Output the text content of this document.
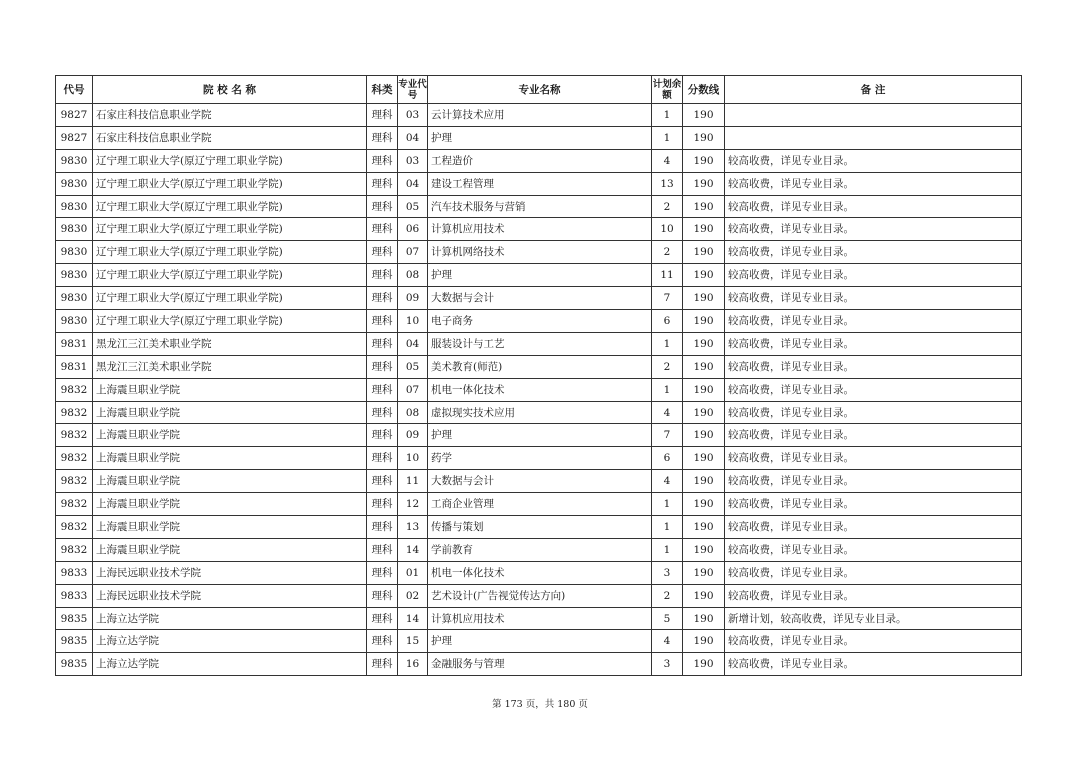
代号	院 校 名 称	科类	专业代号	专业名称	计划余额	分数线	备 注
9827	石家庄科技信息职业学院	理科	03	云计算技术应用	1	190	
9827	石家庄科技信息职业学院	理科	04	护理	1	190	
9830	辽宁理工职业大学(原辽宁理工职业学院)	理科	03	工程造价	4	190	较高收费，详见专业目录。
9830	辽宁理工职业大学(原辽宁理工职业学院)	理科	04	建设工程管理	13	190	较高收费，详见专业目录。
9830	辽宁理工职业大学(原辽宁理工职业学院)	理科	05	汽车技术服务与营销	2	190	较高收费，详见专业目录。
9830	辽宁理工职业大学(原辽宁理工职业学院)	理科	06	计算机应用技术	10	190	较高收费，详见专业目录。
9830	辽宁理工职业大学(原辽宁理工职业学院)	理科	07	计算机网络技术	2	190	较高收费，详见专业目录。
9830	辽宁理工职业大学(原辽宁理工职业学院)	理科	08	护理	11	190	较高收费，详见专业目录。
9830	辽宁理工职业大学(原辽宁理工职业学院)	理科	09	大数据与会计	7	190	较高收费，详见专业目录。
9830	辽宁理工职业大学(原辽宁理工职业学院)	理科	10	电子商务	6	190	较高收费，详见专业目录。
9831	黑龙江三江美术职业学院	理科	04	服装设计与工艺	1	190	较高收费，详见专业目录。
9831	黑龙江三江美术职业学院	理科	05	美术教育(师范)	2	190	较高收费，详见专业目录。
9832	上海震旦职业学院	理科	07	机电一体化技术	1	190	较高收费，详见专业目录。
9832	上海震旦职业学院	理科	08	虚拟现实技术应用	4	190	较高收费，详见专业目录。
9832	上海震旦职业学院	理科	09	护理	7	190	较高收费，详见专业目录。
9832	上海震旦职业学院	理科	10	药学	6	190	较高收费，详见专业目录。
9832	上海震旦职业学院	理科	11	大数据与会计	4	190	较高收费，详见专业目录。
9832	上海震旦职业学院	理科	12	工商企业管理	1	190	较高收费，详见专业目录。
9832	上海震旦职业学院	理科	13	传播与策划	1	190	较高收费，详见专业目录。
9832	上海震旦职业学院	理科	14	学前教育	1	190	较高收费，详见专业目录。
9833	上海民远职业技术学院	理科	01	机电一体化技术	3	190	较高收费，详见专业目录。
9833	上海民远职业技术学院	理科	02	艺术设计(广告视觉传达方向)	2	190	较高收费，详见专业目录。
9835	上海立达学院	理科	14	计算机应用技术	5	190	新增计划，较高收费，详见专业目录。
9835	上海立达学院	理科	15	护理	4	190	较高收费，详见专业目录。
9835	上海立达学院	理科	16	金融服务与管理	3	190	较高收费，详见专业目录。
第 173 页，共 180 页
